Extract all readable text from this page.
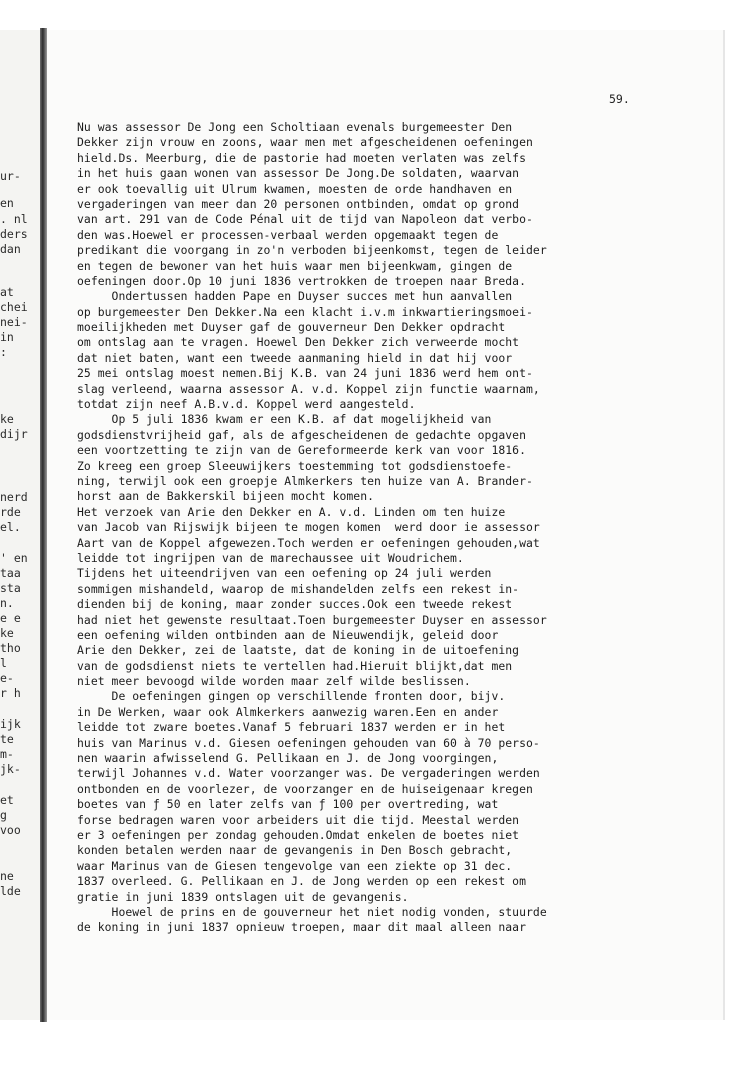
ur-
en
. nl
ders
dan
at
chei
nei-
in
:
ke
dijr
nerd
rde
el.
' en
taa
sta
n.
e e
ke
tho
l
e-
r h
ijk
te
m-
jk-
et
g
voo
ne
lde
59.
Nu was assessor De Jong een Scholtiaan evenals burgemeester Den
Dekker zijn vrouw en zoons, waar men met afgescheidenen oefeningen
hield.Ds. Meerburg, die de pastorie had moeten verlaten was zelfs
in het huis gaan wonen van assessor De Jong.De soldaten, waarvan
er ook toevallig uit Ulrum kwamen, moesten de orde handhaven en
vergaderingen van meer dan 20 personen ontbinden, omdat op grond
van art. 291 van de Code Pénal uit de tijd van Napoleon dat verbo-
den was.Hoewel er processen-verbaal werden opgemaakt tegen de
predikant die voorgang in zo'n verboden bijeenkomst, tegen de leider
en tegen de bewoner van het huis waar men bijeenkwam, gingen de
oefeningen door.Op 10 juni 1836 vertrokken de troepen naar Breda.
Ondertussen hadden Pape en Duyser succes met hun aanvallen
op burgemeester Den Dekker.Na een klacht i.v.m inkwartieringsmoei-
moeilijkheden met Duyser gaf de gouverneur Den Dekker opdracht
om ontslag aan te vragen. Hoewel Den Dekker zich verweerde mocht
dat niet baten, want een tweede aanmaning hield in dat hij voor
25 mei ontslag moest nemen.Bij K.B. van 24 juni 1836 werd hem ont-
slag verleend, waarna assessor A. v.d. Koppel zijn functie waarnam,
totdat zijn neef A.B.v.d. Koppel werd aangesteld.
Op 5 juli 1836 kwam er een K.B. af dat mogelijkheid van
godsdienstvrijheid gaf, als de afgescheidenen de gedachte opgaven
een voortzetting te zijn van de Gereformeerde kerk van voor 1816.
Zo kreeg een groep Sleeuwijkers toestemming tot godsdienstoefe-
ning, terwijl ook een groepje Almkerkers ten huize van A. Brander-
horst aan de Bakkerskil bijeen mocht komen.
Het verzoek van Arie den Dekker en A. v.d. Linden om ten huize
van Jacob van Rijswijk bijeen te mogen komen  werd door ie assessor
Aart van de Koppel afgewezen.Toch werden er oefeningen gehouden,wat
leidde tot ingrijpen van de marechaussee uit Woudrichem.
Tijdens het uiteendrijven van een oefening op 24 juli werden
sommigen mishandeld, waarop de mishandelden zelfs een rekest in-
dienden bij de koning, maar zonder succes.Ook een tweede rekest
had niet het gewenste resultaat.Toen burgemeester Duyser en assessor
een oefening wilden ontbinden aan de Nieuwendijk, geleid door
Arie den Dekker, zei de laatste, dat de koning in de uitoefening
van de godsdienst niets te vertellen had.Hieruit blijkt,dat men
niet meer bevoogd wilde worden maar zelf wilde beslissen.
De oefeningen gingen op verschillende fronten door, bijv.
in De Werken, waar ook Almkerkers aanwezig waren.Een en ander
leidde tot zware boetes.Vanaf 5 februari 1837 werden er in het
huis van Marinus v.d. Giesen oefeningen gehouden van 60 à 70 perso-
nen waarin afwisselend G. Pellikaan en J. de Jong voorgingen,
terwijl Johannes v.d. Water voorzanger was. De vergaderingen werden
ontbonden en de voorlezer, de voorzanger en de huiseigenaar kregen
boetes van ƒ 50 en later zelfs van ƒ 100 per overtreding, wat
forse bedragen waren voor arbeiders uit die tijd. Meestal werden
er 3 oefeningen per zondag gehouden.Omdat enkelen de boetes niet
konden betalen werden naar de gevangenis in Den Bosch gebracht,
waar Marinus van de Giesen tengevolge van een ziekte op 31 dec.
1837 overleed. G. Pellikaan en J. de Jong werden op een rekest om
gratie in juni 1839 ontslagen uit de gevangenis.
Hoewel de prins en de gouverneur het niet nodig vonden, stuurde
de koning in juni 1837 opnieuw troepen, maar dit maal alleen naar
